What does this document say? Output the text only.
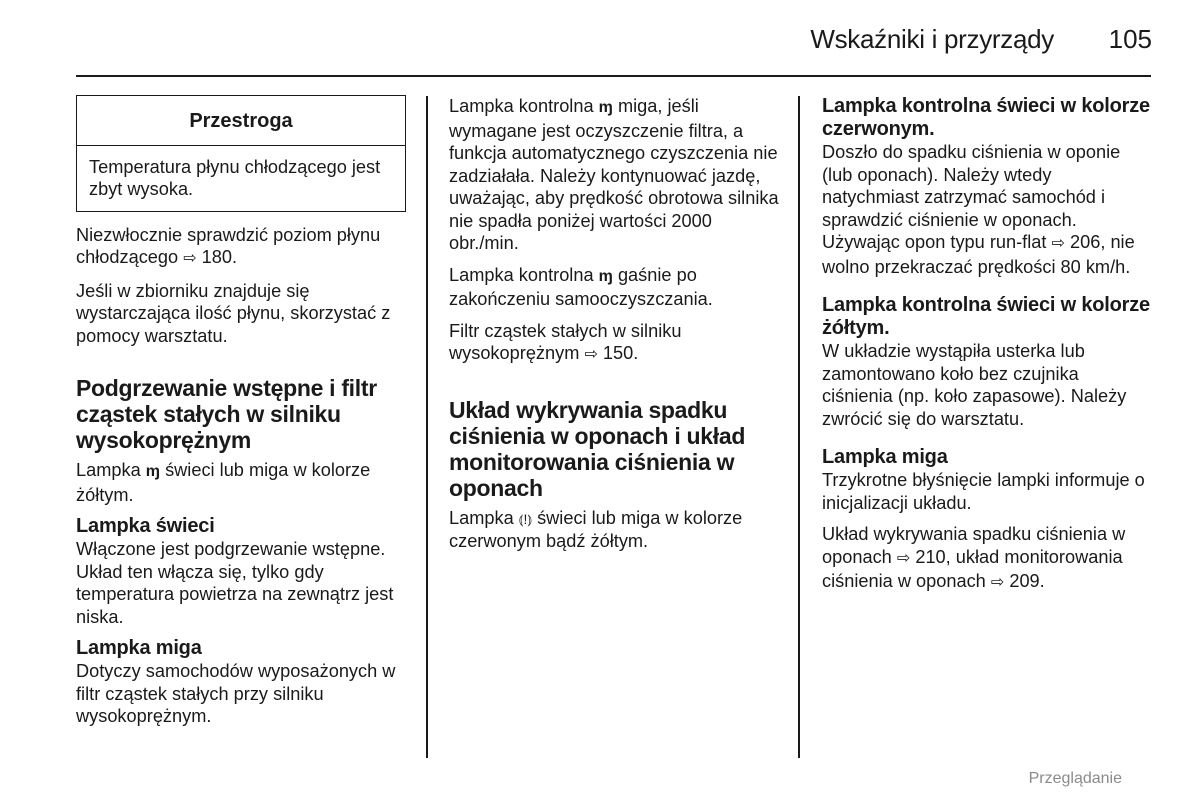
Wskaźniki i przyrządy 105
Przestroga
Temperatura płynu chłodzącego jest zbyt wysoka.

Niezwłocznie sprawdzić poziom płynu chłodzącego ⇨ 180.

Jeśli w zbiorniku znajduje się wystarczająca ilość płynu, skorzystać z pomocy warsztatu.

Podgrzewanie wstępne i filtr cząstek stałych w silniku wysokoprężnym

Lampka ɱ świeci lub miga w kolorze żółtym.

Lampka świeci

Włączone jest podgrzewanie wstępne. Układ ten włącza się, tylko gdy temperatura powietrza na zewnątrz jest niska.

Lampka miga

Dotyczy samochodów wyposażonych w filtr cząstek stałych przy silniku wysokoprężnym.

Lampka kontrolna ɱ miga, jeśli wymagane jest oczyszczenie filtra, a funkcja automatycznego czyszczenia nie zadziałała. Należy kontynuować jazdę, uważając, aby prędkość obrotowa silnika nie spadła poniżej wartości 2000 obr./min.

Lampka kontrolna ɱ gaśnie po zakończeniu samooczyszczania.

Filtr cząstek stałych w silniku wysokoprężnym ⇨ 150.

Układ wykrywania spadku ciśnienia w oponach i układ monitorowania ciśnienia w oponach

Lampka ⦅!⦆ świeci lub miga w kolorze czerwonym bądź żółtym.

Lampka kontrolna świeci w kolorze czerwonym.

Doszło do spadku ciśnienia w oponie (lub oponach). Należy wtedy natychmiast zatrzymać samochód i sprawdzić ciśnienie w oponach. Używając opon typu run-flat ⇨ 206, nie wolno przekraczać prędkości 80 km/h.

Lampka kontrolna świeci w kolorze żółtym.

W układzie wystąpiła usterka lub zamontowano koło bez czujnika ciśnienia (np. koło zapasowe). Należy zwrócić się do warsztatu.

Lampka miga

Trzykrotne błyśnięcie lampki informuje o inicjalizacji układu.

Układ wykrywania spadku ciśnienia w oponach ⇨ 210, układ monitorowania ciśnienia w oponach ⇨ 209.

Przeglądanie
